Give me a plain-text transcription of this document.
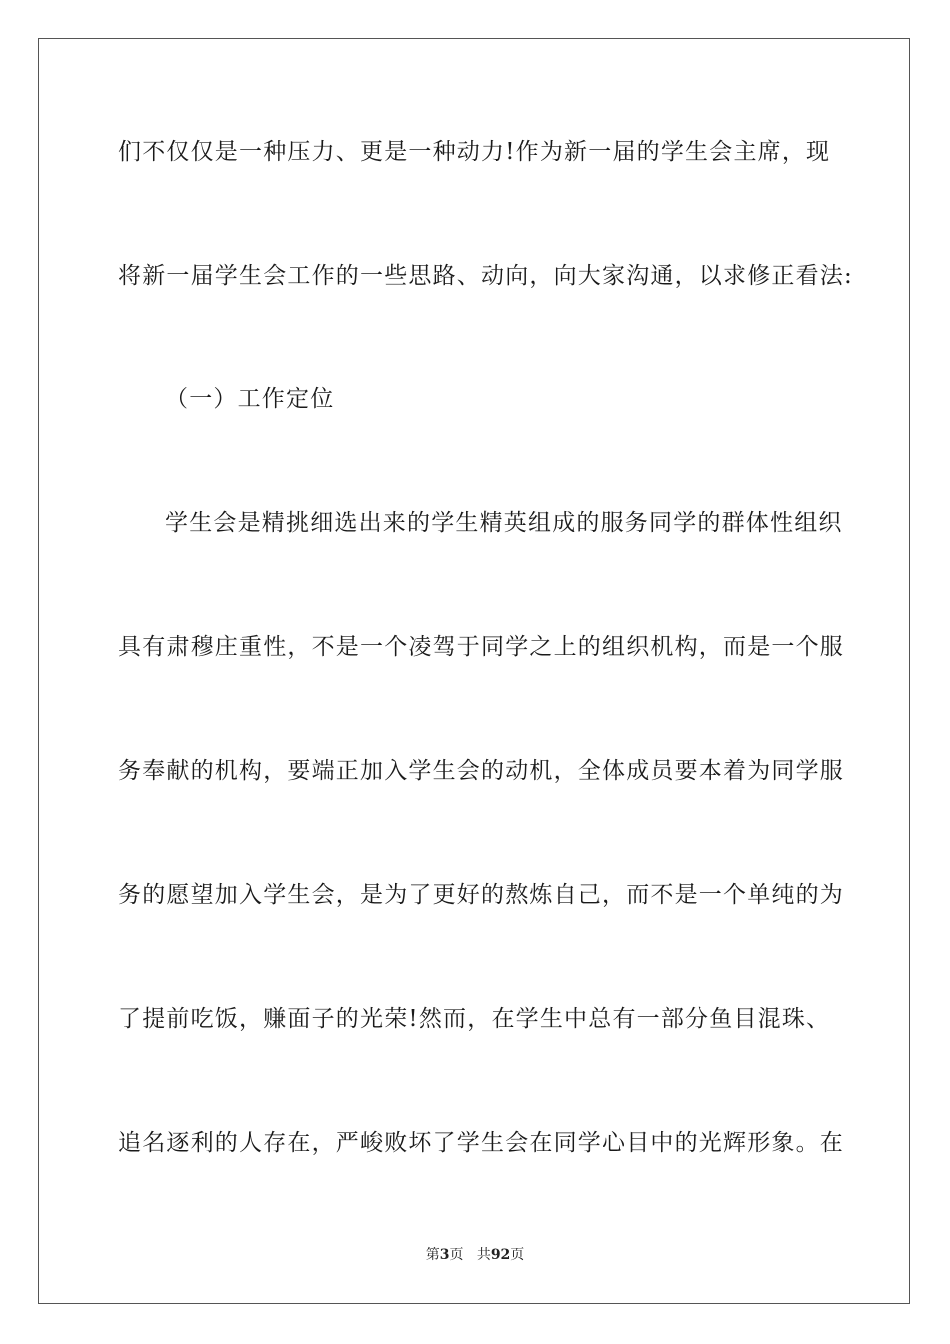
们不仅仅是一种压力、更是一种动力!作为新一届的学生会主席，现
将新一届学生会工作的一些思路、动向，向大家沟通，以求修正看法:
（一）工作定位
学生会是精挑细选出来的学生精英组成的服务同学的群体性组织
具有肃穆庄重性，不是一个凌驾于同学之上的组织机构，而是一个服
务奉献的机构，要端正加入学生会的动机，全体成员要本着为同学服
务的愿望加入学生会，是为了更好的熬炼自己，而不是一个单纯的为
了提前吃饭，赚面子的光荣!然而，在学生中总有一部分鱼目混珠、
追名逐利的人存在，严峻败坏了学生会在同学心目中的光辉形象。在
第3页 共92页
